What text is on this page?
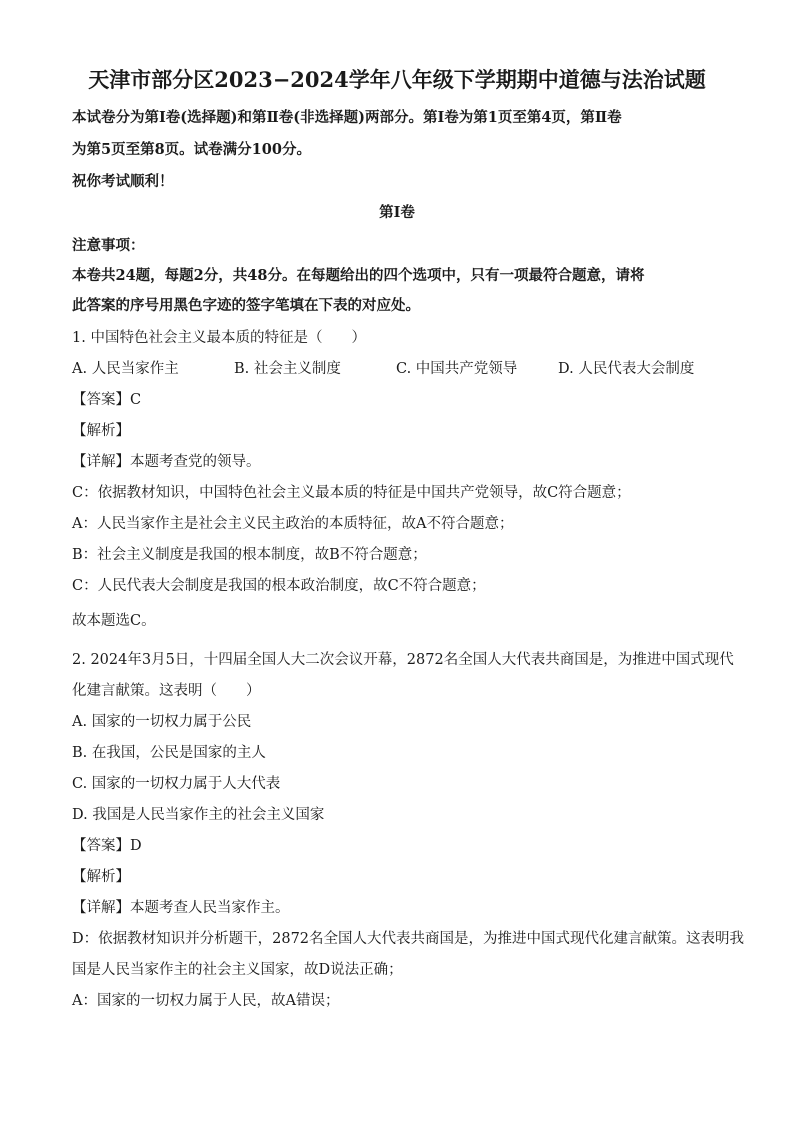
天津市部分区2023−2024学年八年级下学期期中道德与法治试题
本试卷分为第Ⅰ卷(选择题)和第Ⅱ卷(非选择题)两部分。第Ⅰ卷为第1页至第4页，第Ⅱ卷
为第5页至第8页。试卷满分100分。
祝你考试顺利！
第Ⅰ卷
注意事项：
本卷共24题，每题2分，共48分。在每题给出的四个选项中，只有一项最符合题意，请将
此答案的序号用黑色字迹的签字笔填在下表的对应处。
1. 中国特色社会主义最本质的特征是（　　）
A. 人民当家作主	B. 社会主义制度	C. 中国共产党领导	D. 人民代表大会制度
【答案】C
【解析】
【详解】本题考查党的领导。
C：依据教材知识，中国特色社会主义最本质的特征是中国共产党领导，故C符合题意；
A：人民当家作主是社会主义民主政治的本质特征，故A不符合题意；
B：社会主义制度是我国的根本制度，故B不符合题意；
C：人民代表大会制度是我国的根本政治制度，故C不符合题意；
故本题选C。
2. 2024年3月5日，十四届全国人大二次会议开幕，2872名全国人大代表共商国是，为推进中国式现代
化建言献策。这表明（　　）
A. 国家的一切权力属于公民
B. 在我国，公民是国家的主人
C. 国家的一切权力属于人大代表
D. 我国是人民当家作主的社会主义国家
【答案】D
【解析】
【详解】本题考查人民当家作主。
D：依据教材知识并分析题干，2872名全国人大代表共商国是，为推进中国式现代化建言献策。这表明我
国是人民当家作主的社会主义国家，故D说法正确；
A：国家的一切权力属于人民，故A错误；
